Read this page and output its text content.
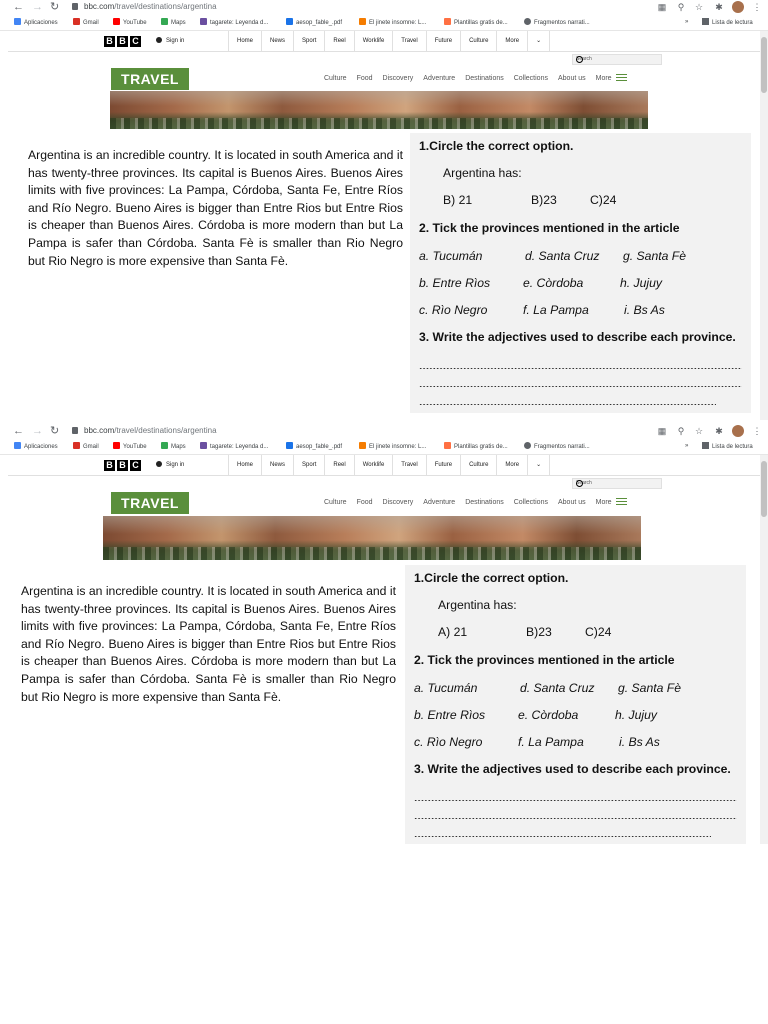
← → ↻	bbc.com/travel/destinations/argentina	▦ ⚲ ☆ ✱	⋮
Aplicaciones	Gmail	YouTube	Maps	tagarete: Leyenda d...	aesop_fable_.pdf	El jinete insomne: L...	Plantillas gratis de...	Fragmentos narrati...	»	Lista de lectura
B B C	Sign in	Home	News	Sport	Reel	Worklife	Travel	Future	Culture	More	⌄
Search
TRAVEL	Culture Food Discovery Adventure Destinations Collections About us More
Argentina is an incredible country. It is located in south America and it has twenty-three provinces. Its capital is Buenos Aires. Buenos Aires limits with five provinces: La Pampa, Córdoba, Santa Fe, Entre Ríos and Río Negro. Bueno Aires is bigger than Entre Rios but Entre Rios is cheaper than Buenos Aires. Córdoba is more modern than but La Pampa is safer than Córdoba. Santa Fè is smaller than Rio Negro but Rio Negro is more expensive than Santa Fè.
1.Circle the correct option.
Argentina has:
B) 21	B)23	C)24
2. Tick the provinces mentioned in the article
a. Tucumán	d. Santa Cruz g. Santa Fè
b. Entre Rìos	e. Còrdoba	h. Jujuy
c. Rìo Negro	f. La Pampa	i. Bs As
3. Write the adjectives used to describe each province.
← → ↻	bbc.com/travel/destinations/argentina	▦ ⚲ ☆ ✱	⋮
Aplicaciones	Gmail	YouTube	Maps	tagarete: Leyenda d...	aesop_fable_.pdf	El jinete insomne: L...	Plantillas gratis de...	Fragmentos narrati...	»	Lista de lectura
B B C	Sign in	Home	News	Sport	Reel	Worklife	Travel	Future	Culture	More	⌄
Search
TRAVEL	Culture Food Discovery Adventure Destinations Collections About us More
Argentina is an incredible country. It is located in south America and it has twenty-three provinces. Its capital is Buenos Aires. Buenos Aires limits with five provinces: La Pampa, Córdoba, Santa Fe, Entre Ríos and Río Negro. Bueno Aires is bigger than Entre Rios but Entre Rios is cheaper than Buenos Aires. Córdoba is more modern than but La Pampa is safer than Córdoba. Santa Fè is smaller than Rio Negro but Rio Negro is more expensive than Santa Fè.
1.Circle the correct option.
Argentina has:
A) 21	B)23	C)24
2. Tick the provinces mentioned in the article
a. Tucumán	d. Santa Cruz g. Santa Fè
b. Entre Rìos	e. Còrdoba	h. Jujuy
c. Rìo Negro	f. La Pampa	i. Bs As
3. Write the adjectives used to describe each province.
